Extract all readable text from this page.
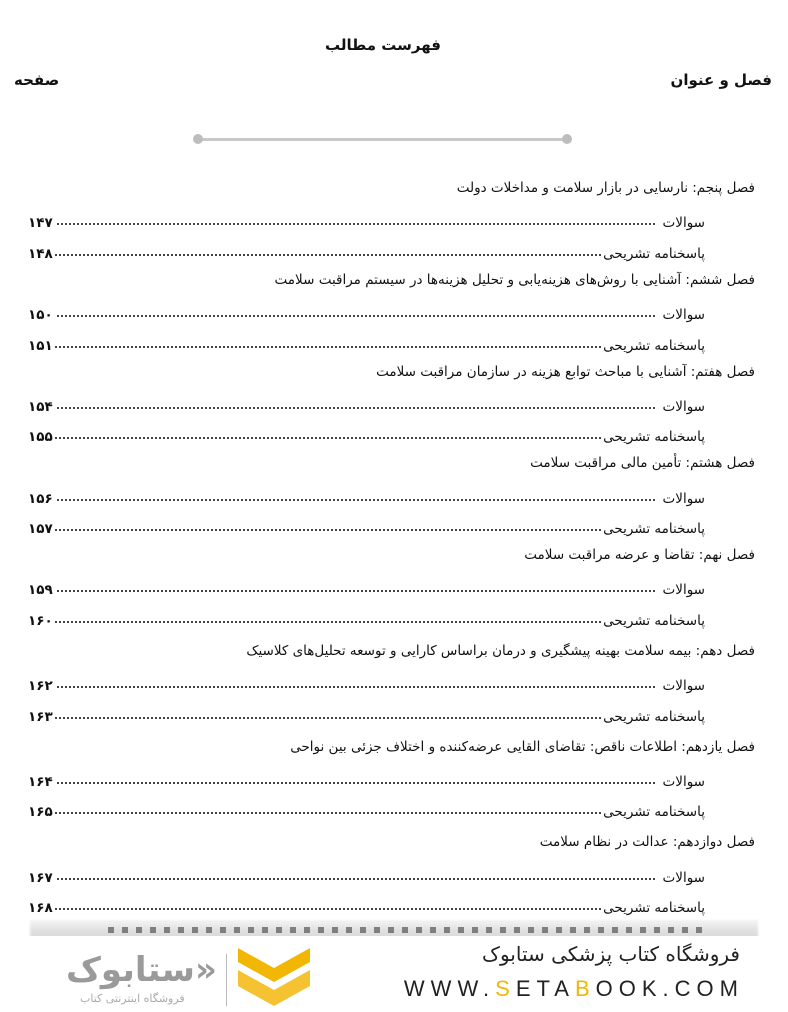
فهرست مطالب
فصل و عنوان
صفحه
فصل پنجم: نارسایی در بازار سلامت و مداخلات دولت
سوالات
۱۴۷
پاسخنامه تشریحی
۱۴۸
فصل ششم: آشنایی با روش‌های هزینه‌یابی و تحلیل هزینه‌ها در سیستم مراقبت سلامت
سوالات
۱۵۰
پاسخنامه تشریحی
۱۵۱
فصل هفتم: آشنایی با مباحث توابع هزینه در سازمان مراقبت سلامت
سوالات
۱۵۴
پاسخنامه تشریحی
۱۵۵
فصل هشتم: تأمین مالی مراقبت سلامت
سوالات
۱۵۶
پاسخنامه تشریحی
۱۵۷
فصل نهم: تقاضا و عرضه مراقبت سلامت
سوالات
۱۵۹
پاسخنامه تشریحی
۱۶۰
فصل دهم: بیمه سلامت بهینه پیشگیری و درمان براساس کارایی و توسعه تحلیل‌های کلاسیک
سوالات
۱۶۲
پاسخنامه تشریحی
۱۶۳
فصل یازدهم: اطلاعات ناقص: تقاضای القایی عرضه‌کننده و اختلاف جزئی بین نواحی
سوالات
۱۶۴
پاسخنامه تشریحی
۱۶۵
فصل دوازدهم: عدالت در نظام سلامت
سوالات
۱۶۷
پاسخنامه تشریحی
۱۶۸
«ستابوک
فروشگاه اینترنتی کتاب
فروشگاه کتاب پزشکی ستابوک
WWW.SETABOOK.COM
